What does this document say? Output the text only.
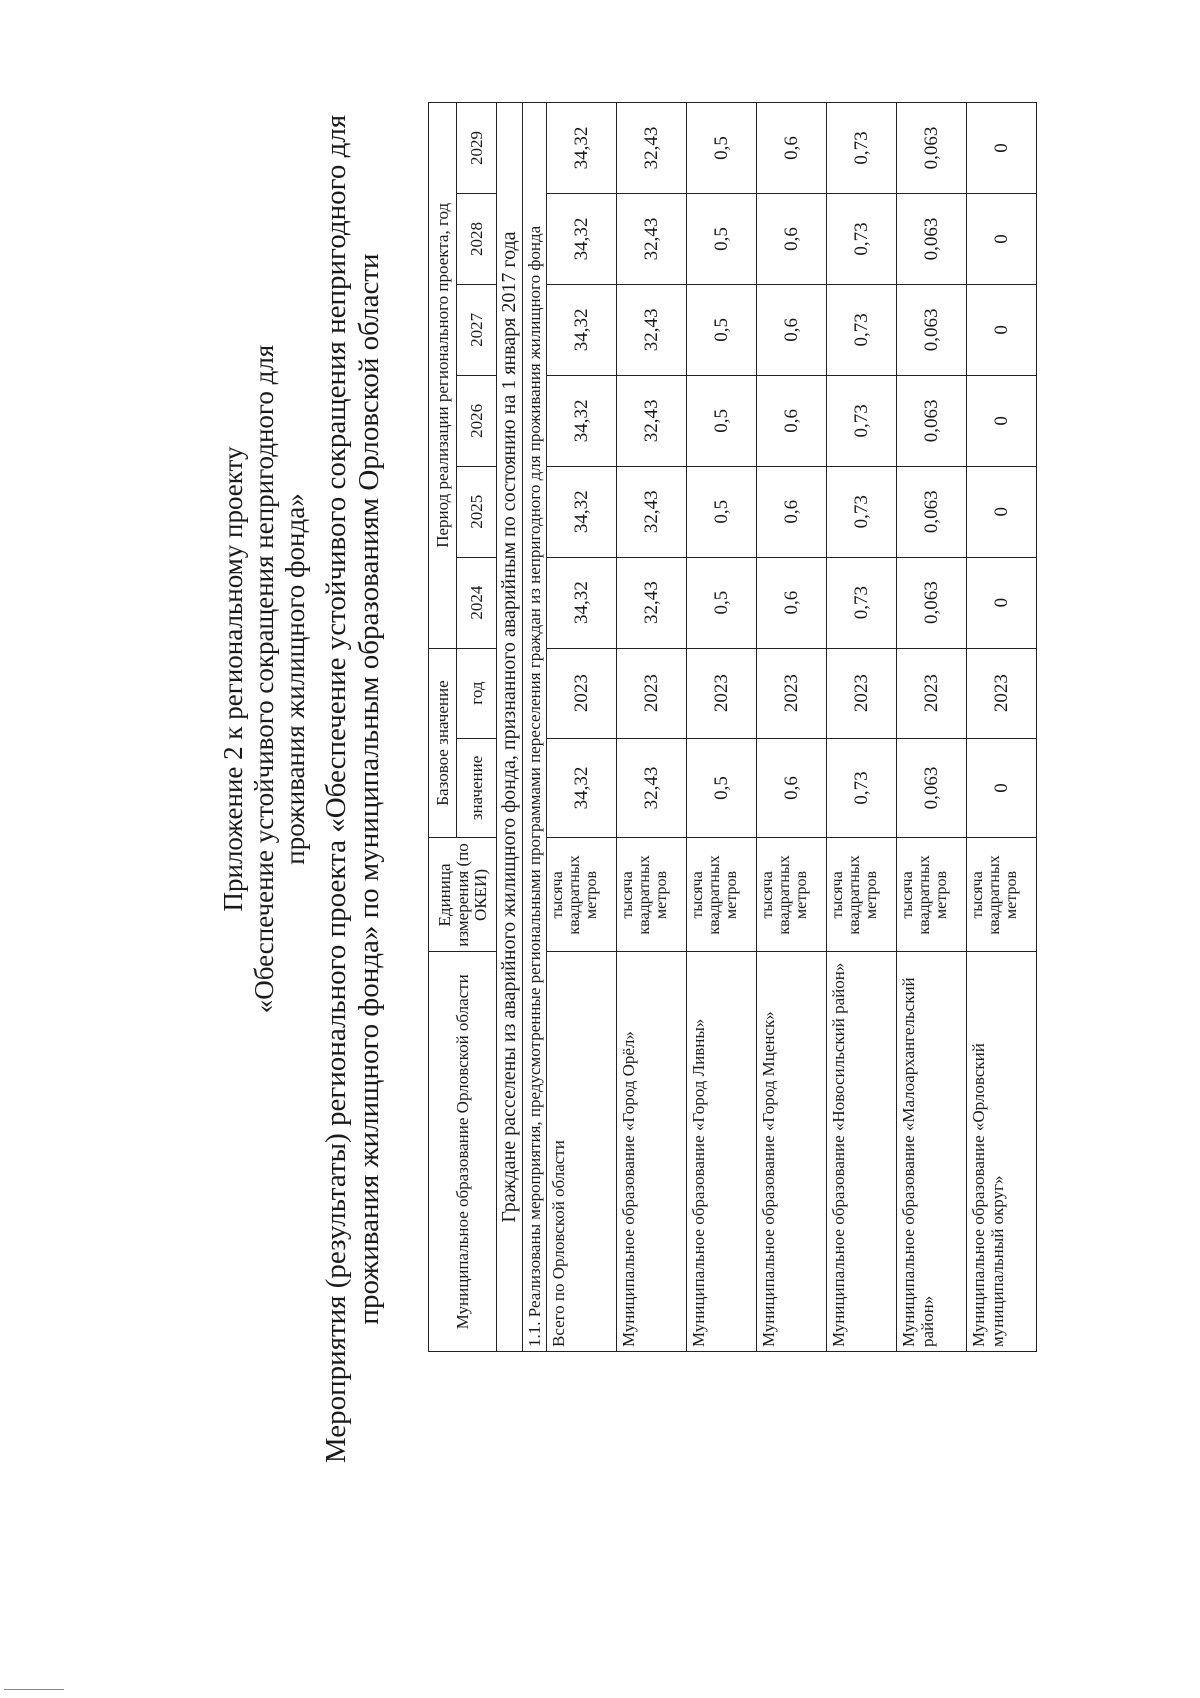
Приложение 2 к региональному проекту «Обеспечение устойчивого сокращения непригодного для проживания жилищного фонда» Мероприятия (результаты) регионального проекта «Обеспечение устойчивого сокращения непригодного для проживания жилищного фонда» по муниципальным образованиям Орловской области	Муниципальное образование Орловской области	Единица измерения (по ОКЕИ)	Базовое значение		Период реализации регионального проекта, год					
		значение	год	2024	2025	2026	2027	2028	2029
Граждане расселены из аварийного жилищного фонда, признанного аварийным по состоянию на 1 января 2017 года									
1.1. Реализованы мероприятия, предусмотренные региональными программами переселения граждан из непригодного для проживания жилищного фонда									
Всего по Орловской области	тысяча квадратных метров	34,32	2023	34,32	34,32	34,32	34,32	34,32	34,32
Муниципальное образование «Город Орёл»	тысяча квадратных метров	32,43	2023	32,43	32,43	32,43	32,43	32,43	32,43
Муниципальное образование «Город Ливны»	тысяча квадратных метров	0,5	2023	0,5	0,5	0,5	0,5	0,5	0,5
Муниципальное образование «Город Мценск»	тысяча квадратных метров	0,6	2023	0,6	0,6	0,6	0,6	0,6	0,6
Муниципальное образование «Новосильский район»	тысяча квадратных метров	0,73	2023	0,73	0,73	0,73	0,73	0,73	0,73
Муниципальное образование «Малоархангельский район»	тысяча квадратных метров	0,063	2023	0,063	0,063	0,063	0,063	0,063	0,063
Муниципальное образование «Орловский муниципальный округ»	тысяча квадратных метров	0	2023	0	0	0	0	0	0
